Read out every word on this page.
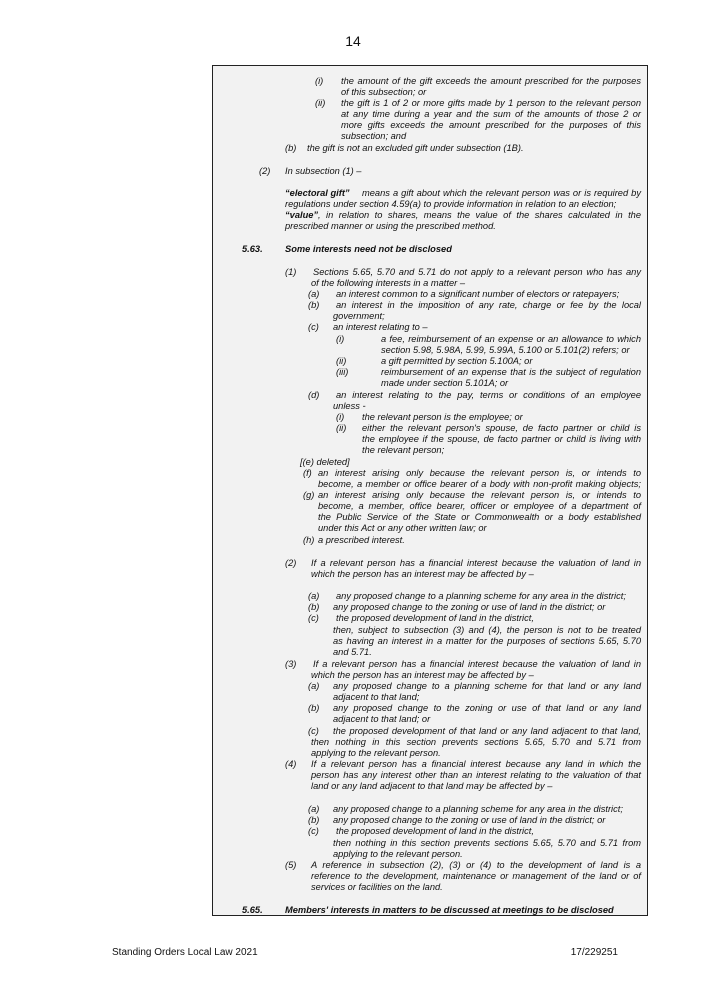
14
(i) the amount of the gift exceeds the amount prescribed for the purposes
of this subsection; or
(ii) the gift is 1 of 2 or more gifts made by 1 person to the relevant person
at any time during a year and the sum of the amounts of those 2 or
more gifts exceeds the amount prescribed for the purposes of this
subsection; and
(b) the gift is not an excluded gift under subsection (1B).
(2) In subsection (1) –
“electoral gift” means a gift about which the relevant person was or is required by
regulations under section 4.59(a) to provide information in relation to an election;
“value” , in relation to shares, means the value of the shares calculated in the
prescribed manner or using the prescribed method.
5.63. Some interests need not be disclosed
(1) Sections 5.65, 5.70 and 5.71 do not apply to a relevant person who has any
of the following interests in a matter –
(a) an interest common to a significant number of electors or ratepayers;
(b) an interest in the imposition of any rate, charge or fee by the local
government;
(c) an interest relating to –
(i)	a fee, reimbursement of an expense or an allowance to which
section 5.98, 5.98A, 5.99, 5.99A, 5.100 or 5.101(2) refers; or
(ii)	a gift permitted by section 5.100A; or
(iii)	reimbursement of an expense that is the subject of regulation
made under section 5.101A; or
(d) an interest relating to the pay, terms or conditions of an employee
unless -
(i) the relevant person is the employee; or
(ii) either the relevant person's spouse, de facto partner or child is
the employee if the spouse, de facto partner or child is living with
the relevant person;
[(e) deleted]
(f) an interest arising only because the relevant person is, or intends to
become, a member or office bearer of a body with non-profit making objects;
(g) an interest arising only because the relevant person is, or intends to
become, a member, office bearer, officer or employee of a department of
the Public Service of the State or Commonwealth or a body established
under this Act or any other written law; or
(h) a prescribed interest.
(2) If a relevant person has a financial interest because the valuation of land in
which the person has an interest may be affected by –
(a) any proposed change to a planning scheme for any area in the district;
(b) any proposed change to the zoning or use of land in the district; or
(c) the proposed development of land in the district,
then, subject to subsection (3) and (4), the person is not to be treated
as having an interest in a matter for the purposes of sections 5.65, 5.70
and 5.71.
(3) If a relevant person has a financial interest because the valuation of land in
which the person has an interest may be affected by –
(a) any proposed change to a planning scheme for that land or any land
adjacent to that land;
(b) any proposed change to the zoning or use of that land or any land
adjacent to that land; or
(c) the proposed development of that land or any land adjacent to that land,
then nothing in this section prevents sections 5.65, 5.70 and 5.71 from
applying to the relevant person.
(4) If a relevant person has a financial interest because any land in which the
person has any interest other than an interest relating to the valuation of that
land or any land adjacent to that land may be affected by –
(a) any proposed change to a planning scheme for any area in the district;
(b) any proposed change to the zoning or use of land in the district; or
(c) the proposed development of land in the district,
then nothing in this section prevents sections 5.65, 5.70 and 5.71 from
applying to the relevant person.
(5) A reference in subsection (2), (3) or (4) to the development of land is a
reference to the development, maintenance or management of the land or of
services or facilities on the land.
5.65. Members' interests in matters to be discussed at meetings to be disclosed
Standing Orders Local Law 2021	17/229251
